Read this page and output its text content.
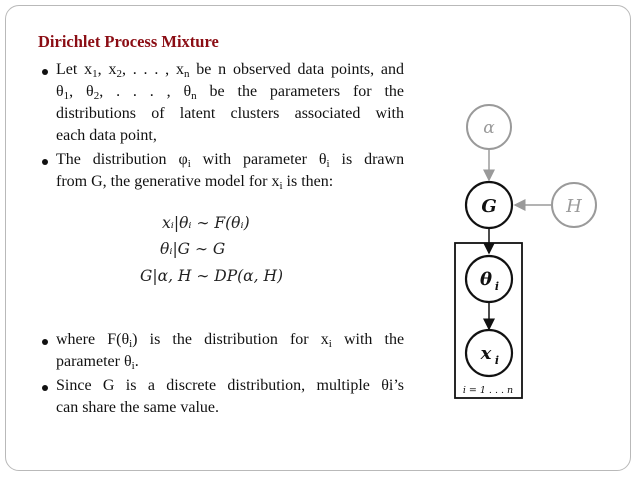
Dirichlet Process Mixture
Let $x_1$, $x_2$, . . . , $x_n$ be n observed data points, and
$\theta_1$, $\theta_2$, . . . , $\theta_n$ be the parameters for the
distributions of latent clusters associated with
each data point,
The distribution $\varphi_i$ with parameter $\theta_i$ is drawn
from G, the generative model for $x_i$ is then:
xᵢ|θᵢ ∼ F(θᵢ)
θᵢ|G ∼ G
G|α, H ∼ DP(α, H)
where $F(\theta_i)$ is the distribution for $x_i$ with the
parameter $\theta_i$.
Since G is a discrete distribution, multiple θi’s
can share the same value.
α
G	H
θ i
x i
i = 1 . . . n
